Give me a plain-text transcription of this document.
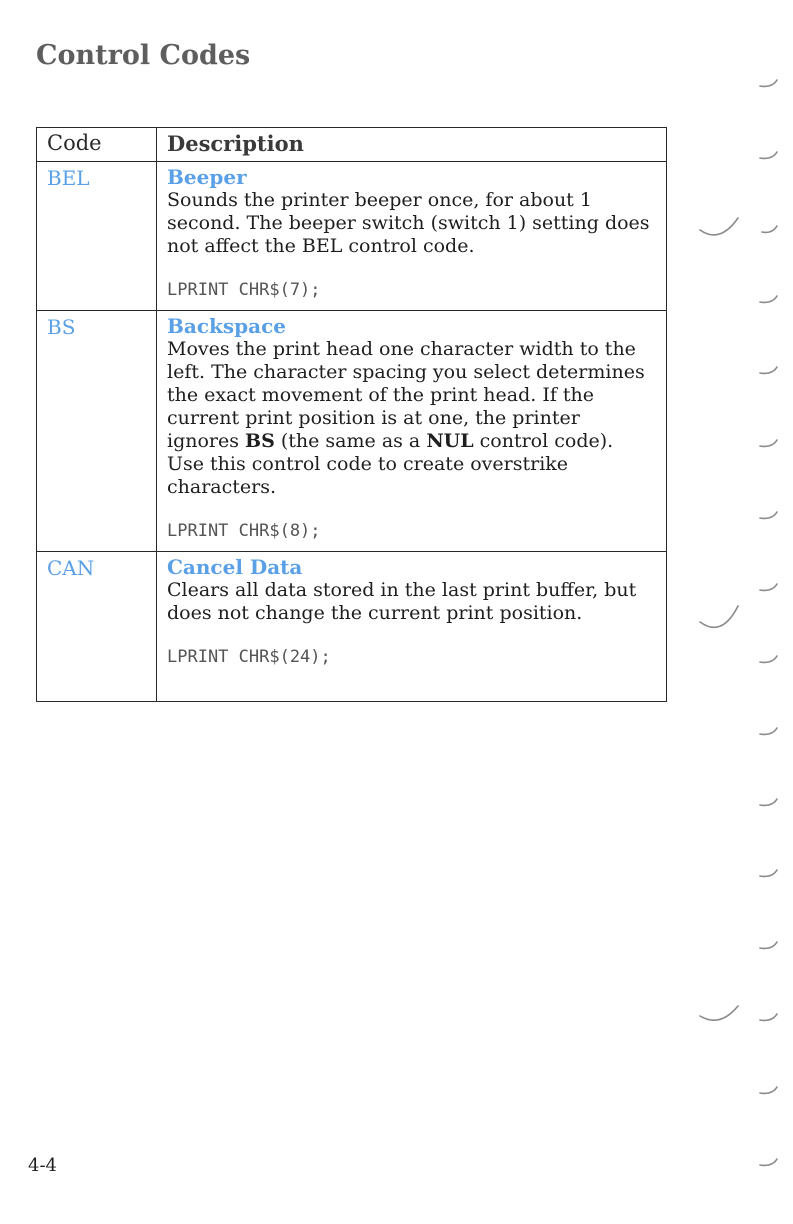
Control Codes
Code	Description
BEL	Beeper
Sounds the printer beeper once, for about 1 second. The beeper switch (switch 1) setting does not affect the BEL control code.
LPRINT CHR$(7);

BS	Backspace
Moves the print head one character width to the left. The character spacing you select determines the exact movement of the print head. If the current print position is at one, the printer ignores BS (the same as a NUL control code). Use this control code to create overstrike characters.
LPRINT CHR$(8);

CAN	Cancel Data
Clears all data stored in the last print buffer, but does not change the current print position.
LPRINT CHR$(24);
4-4
